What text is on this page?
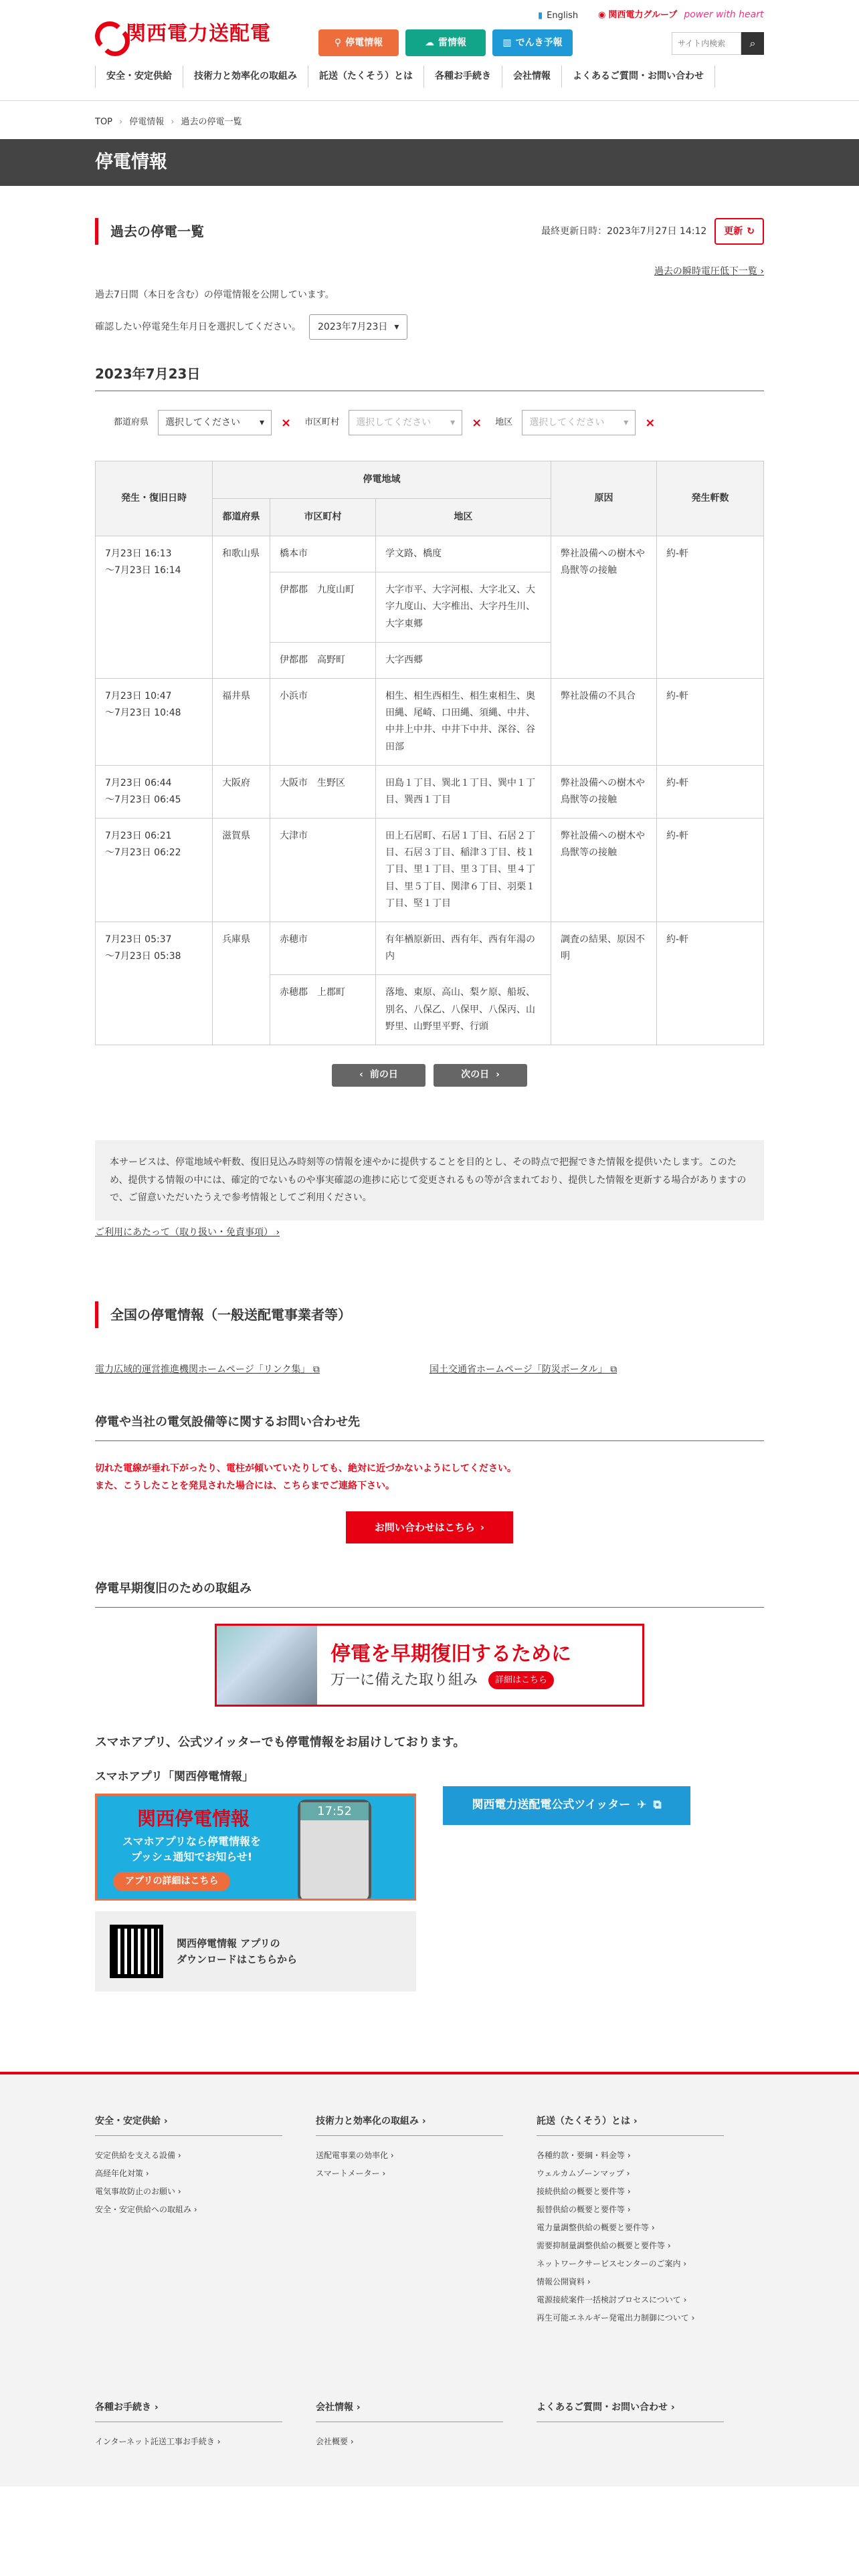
関西電力送配電
▮ English ◉ 関西電力グループ power with heart
⚲ 停電情報	☁ 雷情報	▥ でんき予報
サイト内検索	⌕
安全・安定供給	技術力と効率化の取組み	託送（たくそう）とは	各種お手続き	会社情報	よくあるご質問・お問い合わせ
TOP › 停電情報 › 過去の停電一覧
停電情報
過去の停電一覧	最終更新日時：2023年7月27日 14:12 更新 ↻
過去の瞬時電圧低下一覧 ›

過去7日間（本日を含む）の停電情報を公開しています。

確認したい停電発生年月日を選択してください。 2023年7月23日 ▾
2023年7月23日
都道府県 選択してください ▾ × 市区町村 選択してください ▾ × 地区 選択してください ▾ ×
発生・復旧日時	停電地域			原因	発生軒数
	都道府県	市区町村	地区		
7月23日 16:13
～7月23日 16:14	和歌山県	橋本市	学文路、橋度	弊社設備への樹木や鳥獣等の接触	約-軒
		伊都郡　九度山町	大字市平、大字河根、大字北又、大字九度山、大字椎出、大字丹生川、大字東郷		
		伊都郡　高野町	大字西郷		
7月23日 10:47
～7月23日 10:48	福井県	小浜市	相生、相生西相生、相生東相生、奥田縄、尾崎、口田縄、須縄、中井、中井上中井、中井下中井、深谷、谷田部	弊社設備の不具合	約-軒
7月23日 06:44
～7月23日 06:45	大阪府	大阪市　生野区	田島１丁目、巽北１丁目、巽中１丁目、巽西１丁目	弊社設備への樹木や鳥獣等の接触	約-軒
7月23日 06:21
～7月23日 06:22	滋賀県	大津市	田上石居町、石居１丁目、石居２丁目、石居３丁目、稲津３丁目、枝１丁目、里１丁目、里３丁目、里４丁目、里５丁目、関津６丁目、羽栗１丁目、堅１丁目	弊社設備への樹木や鳥獣等の接触	約-軒
7月23日 05:37
～7月23日 05:38	兵庫県	赤穂市	有年楢原新田、西有年、西有年湯の内	調査の結果、原因不明	約-軒
		赤穂郡　上郡町	落地、東原、高山、梨ケ原、船坂、別名、八保乙、八保甲、八保丙、山野里、山野里平野、行頭		
‹ 前の日	次の日 ›
本サービスは、停電地域や軒数、復旧見込み時刻等の情報を速やかに提供することを目的とし、その時点で把握できた情報を提供いたします。このため、提供する情報の中には、確定的でないものや事実確認の進捗に応じて変更されるもの等が含まれており、提供した情報を更新する場合がありますので、ご留意いただいたうえで参考情報としてご利用ください。
ご利用にあたって（取り扱い・免責事項） ›
全国の停電情報（一般送配電事業者等）
電力広域的運営推進機関ホームページ「リンク集」 ⧉	国土交通省ホームページ「防災ポータル」 ⧉
停電や当社の電気設備等に関するお問い合わせ先
切れた電線が垂れ下がったり、電柱が傾いていたりしても、絶対に近づかないようにしてください。
また、こうしたことを発見された場合には、こちらまでご連絡下さい。
お問い合わせはこちら ›
停電早期復旧のための取組み
停電を早期復旧するために
万一に備えた取り組み	詳細はこちら
スマホアプリ、公式ツイッターでも停電情報をお届けしております。
スマホアプリ「関西停電情報」
関西停電情報
スマホアプリなら停電情報を
プッシュ通知でお知らせ!
アプリの詳細はこちら
17:52
関西停電情報 アプリの
ダウンロードはこちらから
関西電力送配電公式ツイッター ✈ ⧉
安全・安定供給 ›
安定供給を支える設備 ›
高経年化対策 ›
電気事故防止のお願い ›
安全・安定供給への取組み ›
技術力と効率化の取組み ›
送配電事業の効率化 ›
スマートメーター ›
託送（たくそう）とは ›
各種約款・要綱・料金等 ›
ウェルカムゾーンマップ ›
接続供給の概要と要件等 ›
振替供給の概要と要件等 ›
電力量調整供給の概要と要件等 ›
需要抑制量調整供給の概要と要件等 ›
ネットワークサービスセンターのご案内 ›
情報公開資料 ›
電源接続案件一括検討プロセスについて ›
再生可能エネルギー発電出力制御について ›
各種お手続き ›
インターネット託送工事お手続き ›
会社情報 ›
会社概要 ›
よくあるご質問・お問い合わせ ›
